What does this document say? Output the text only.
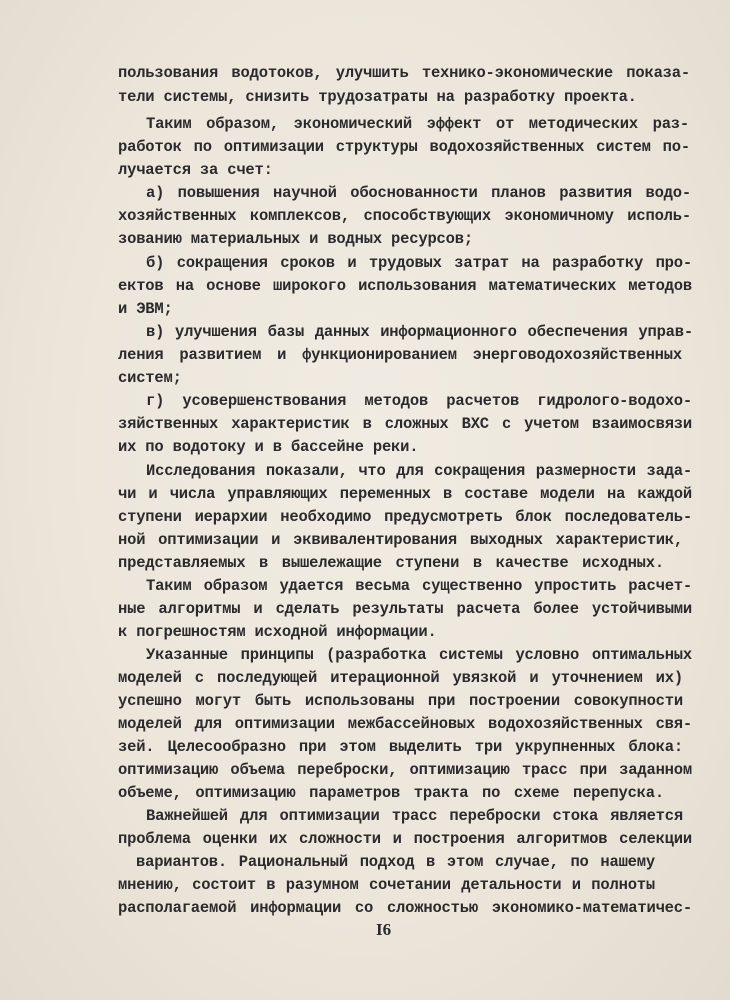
пользования водотоков, улучшить технико-экономические показа-
тели системы, снизить трудозатраты на разработку проекта.
Таким образом, экономический эффект от методических раз-
работок по оптимизации структуры водохозяйственных систем по-
лучается за счет:
а) повышения научной обоснованности планов развития водо-
хозяйственных комплексов, способствующих экономичному исполь-
зованию материальных и водных ресурсов;
б) сокращения сроков и трудовых затрат на разработку про-
ектов на основе широкого использования математических методов
и ЭВМ;
в) улучшения базы данных информационного обеспечения управ-
ления развитием и функционированием энерговодохозяйственных
систем;
г) усовершенствования методов расчетов гидролого-водохо-
зяйственных характеристик в сложных ВХС с учетом взаимосвязи
их по водотоку и в бассейне реки.
Исследования показали, что для сокращения размерности зада-
чи и числа управляющих переменных в составе модели на каждой
ступени иерархии необходимо предусмотреть блок последователь-
ной оптимизации и эквивалентирования выходных характеристик,
представляемых в вышележащие ступени в качестве исходных.
Таким образом удается весьма существенно упростить расчет-
ные алгоритмы и сделать результаты расчета более устойчивыми
к погрешностям исходной информации.
Указанные принципы (разработка системы условно оптимальных
моделей с последующей итерационной увязкой и уточнением их)
успешно могут быть использованы при построении совокупности
моделей для оптимизации межбассейновых водохозяйственных свя-
зей. Целесообразно при этом выделить три укрупненных блока:
оптимизацию объема переброски, оптимизацию трасс при заданном
объеме, оптимизацию параметров тракта по схеме перепуска.
Важнейшей для оптимизации трасс переброски стока является
проблема оценки их сложности и построения алгоритмов селекции
вариантов. Рациональный подход в этом случае, по нашему
мнению, состоит в разумном сочетании детальности и полноты
располагаемой информации со сложностью экономико-математичес-
I6
